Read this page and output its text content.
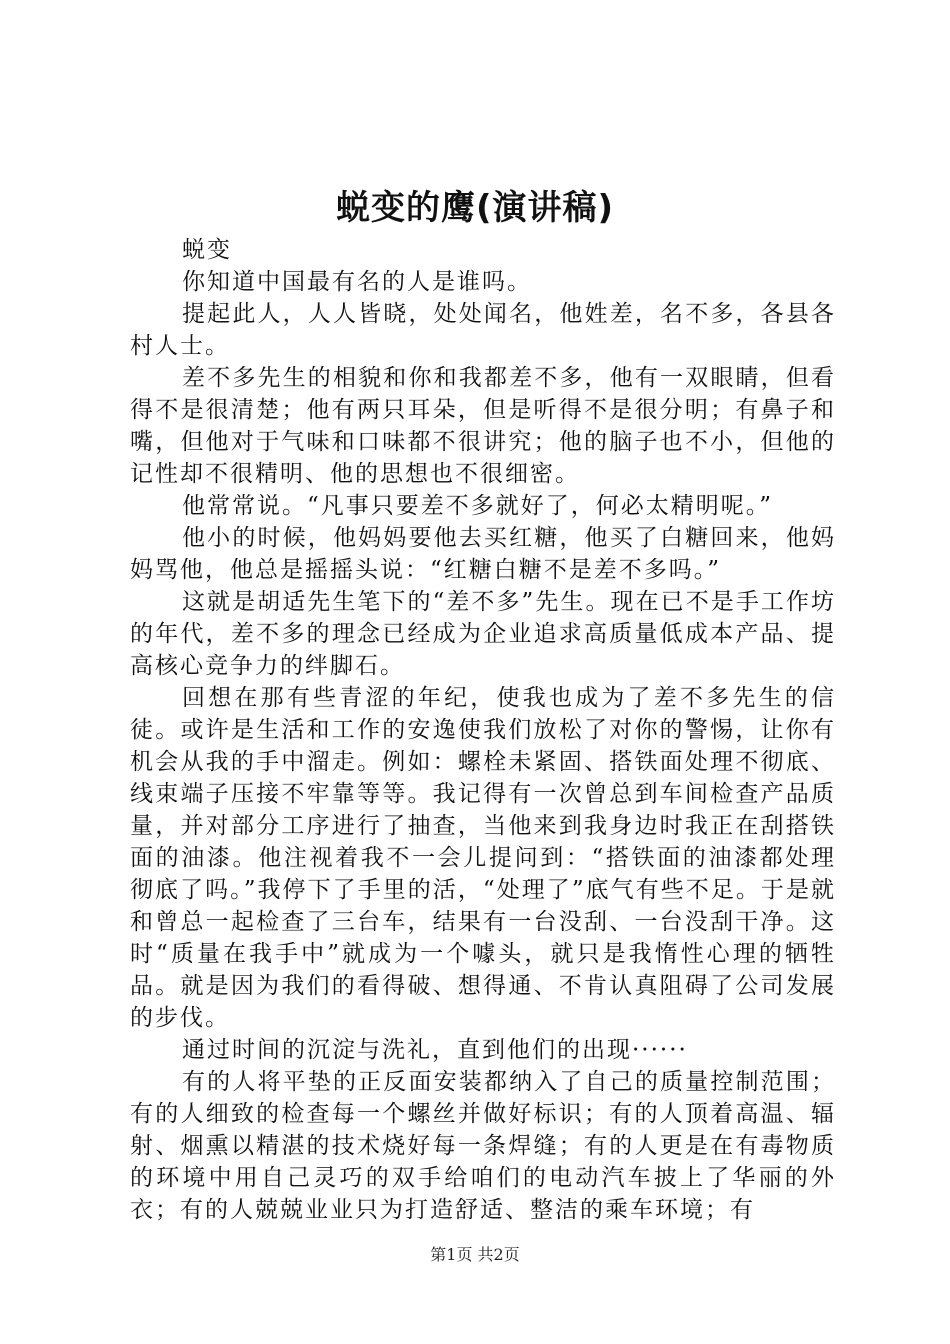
蜕变的鹰(演讲稿)

蜕变

你知道中国最有名的人是谁吗。

提起此人，人人皆晓，处处闻名，他姓差，名不多，各县各村人士。

差不多先生的相貌和你和我都差不多，他有一双眼睛，但看得不是很清楚；他有两只耳朵，但是听得不是很分明；有鼻子和嘴，但他对于气味和口味都不很讲究；他的脑子也不小，但他的记性却不很精明、他的思想也不很细密。

他常常说。“凡事只要差不多就好了，何必太精明呢。”

他小的时候，他妈妈要他去买红糖，他买了白糖回来，他妈妈骂他，他总是摇摇头说：“红糖白糖不是差不多吗。”

这就是胡适先生笔下的“差不多”先生。现在已不是手工作坊的年代，差不多的理念已经成为企业追求高质量低成本产品、提高核心竞争力的绊脚石。

回想在那有些青涩的年纪，使我也成为了差不多先生的信徒。或许是生活和工作的安逸使我们放松了对你的警惕，让你有机会从我的手中溜走。例如：螺栓未紧固、搭铁面处理不彻底、线束端子压接不牢靠等等。我记得有一次曾总到车间检查产品质量，并对部分工序进行了抽查，当他来到我身边时我正在刮搭铁面的油漆。他注视着我不一会儿提问到：“搭铁面的油漆都处理彻底了吗。”我停下了手里的活，“处理了”底气有些不足。于是就和曾总一起检查了三台车，结果有一台没刮、一台没刮干净。这时“质量在我手中”就成为一个噱头，就只是我惰性心理的牺牲品。就是因为我们的看得破、想得通、不肯认真阻碍了公司发展的步伐。

通过时间的沉淀与洗礼，直到他们的出现······

有的人将平垫的正反面安装都纳入了自己的质量控制范围；有的人细致的检查每一个螺丝并做好标识；有的人顶着高温、辐射、烟熏以精湛的技术烧好每一条焊缝；有的人更是在有毒物质的环境中用自己灵巧的双手给咱们的电动汽车披上了华丽的外衣；有的人兢兢业业只为打造舒适、整洁的乘车环境；有

第1页 共2页
